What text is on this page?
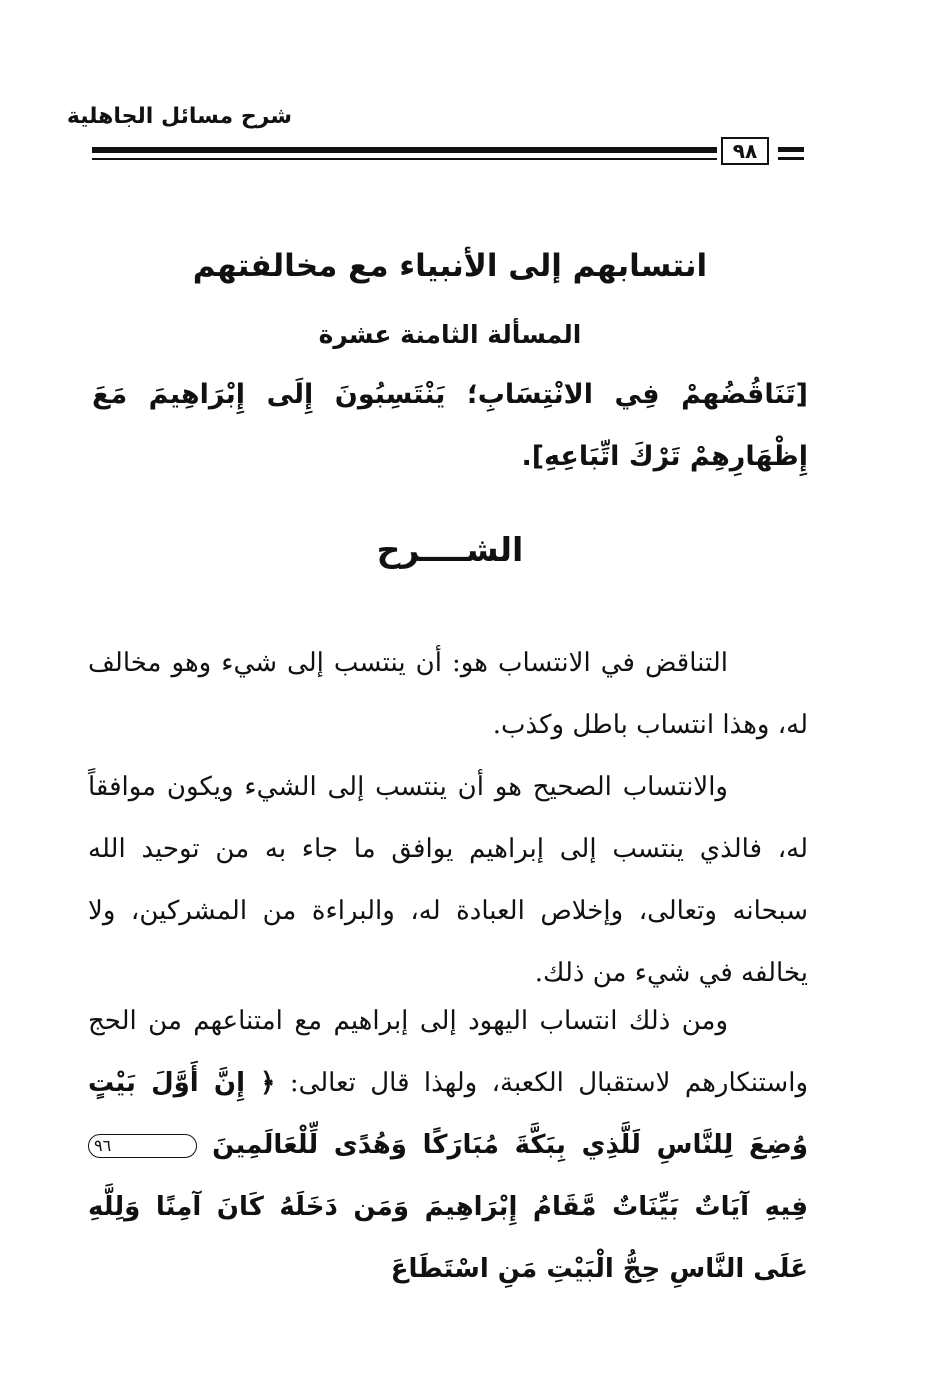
شرح مسائل الجاهلية
٩٨
انتسابهم إلى الأنبياء مع مخالفتهم
المسألة الثامنة عشرة
[تَنَاقُضُهمْ فِي الانْتِسَابِ؛ يَنْتَسِبُونَ إِلَى إِبْرَاهِيمَ مَعَ إِظْهَارِهِمْ تَرْكَ اتِّبَاعِهِ].
الشــــرح

التناقض في الانتساب هو: أن ينتسب إلى شيء وهو مخالف له، وهذا انتساب باطل وكذب.

والانتساب الصحيح هو أن ينتسب إلى الشيء ويكون موافقاً له، فالذي ينتسب إلى إبراهيم يوافق ما جاء به من توحيد الله سبحانه وتعالى، وإخلاص العبادة له، والبراءة من المشركين، ولا يخالفه في شيء من ذلك.

ومن ذلك انتساب اليهود إلى إبراهيم مع امتناعهم من الحج واستنكارهم لاستقبال الكعبة، ولهذا قال تعالى: ﴿ إِنَّ أَوَّلَ بَيْتٍ وُضِعَ لِلنَّاسِ لَلَّذِي بِبَكَّةَ مُبَارَكًا وَهُدًى لِّلْعَالَمِينَ ٩٦ فِيهِ آيَاتٌ بَيِّنَاتٌ مَّقَامُ إِبْرَاهِيمَ وَمَن دَخَلَهُ كَانَ آمِنًا وَلِلَّهِ عَلَى النَّاسِ حِجُّ الْبَيْتِ مَنِ اسْتَطَاعَ
